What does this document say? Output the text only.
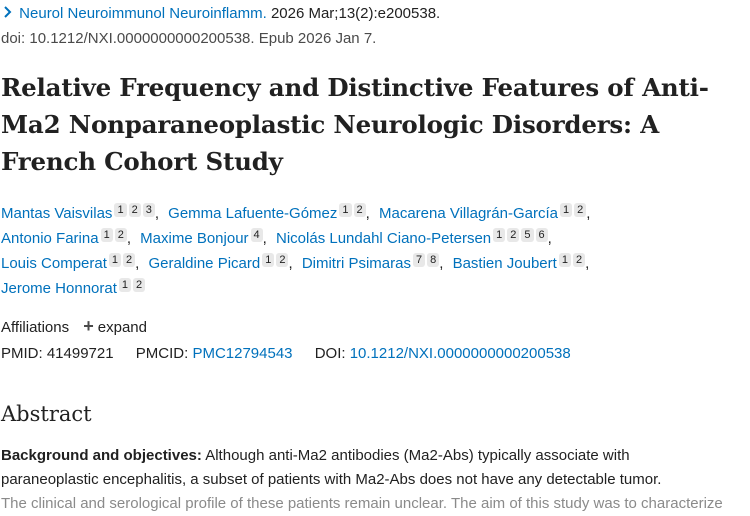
Neurol Neuroimmunol Neuroinflamm. 2026 Mar;13(2):e200538.
doi: 10.1212/NXI.0000000000200538. Epub 2026 Jan 7.
Relative Frequency and Distinctive Features of Anti-Ma2 Nonparaneoplastic Neurologic Disorders: A French Cohort Study
Mantas Vaisvilas 1 2 3 , Gemma Lafuente-Gómez 1 2 , Macarena Villagrán-García 1 2 ,
Antonio Farina 1 2 , Maxime Bonjour 4 , Nicolás Lundahl Ciano-Petersen 1 2 5 6 ,
Louis Comperat 1 2 , Geraldine Picard 1 2 , Dimitri Psimaras 7 8 , Bastien Joubert 1 2 ,
Jerome Honnorat 1 2
Affiliations + expand
PMID: 41499721 PMCID: PMC12794543 DOI: 10.1212/NXI.0000000000200538
Abstract
Background and objectives: Although anti-Ma2 antibodies (Ma2-Abs) typically associate with
paraneoplastic encephalitis, a subset of patients with Ma2-Abs does not have any detectable tumor.
The clinical and serological profile of these patients remain unclear. The aim of this study was to characterize
